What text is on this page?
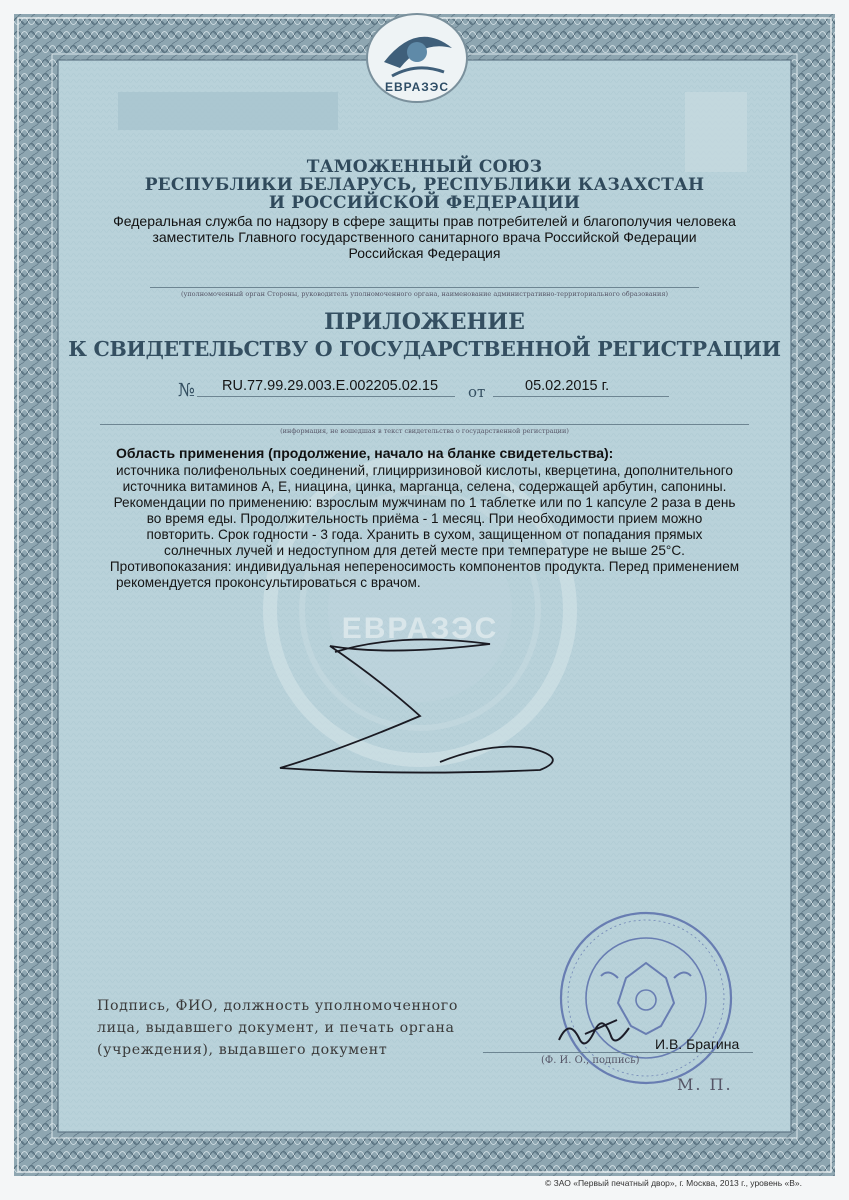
ЕВРАЗЭС
ТАМОЖЕННЫЙ СОЮЗ
РЕСПУБЛИКИ БЕЛАРУСЬ, РЕСПУБЛИКИ КАЗАХСТАН
И РОССИЙСКОЙ ФЕДЕРАЦИИ
Федеральная служба по надзору в сфере защиты прав потребителей и благополучия человека
заместитель Главного государственного санитарного врача Российской Федерации
Российская Федерация
(уполномоченный орган Стороны, руководитель уполномоченного органа, наименование административно-территориального образования)
ПРИЛОЖЕНИЕ
К СВИДЕТЕЛЬСТВУ О ГОСУДАРСТВЕННОЙ РЕГИСТРАЦИИ
№ RU.77.99.29.003.E.002205.02.15 от	05.02.2015 г.
(информация, не вошедшая в текст свидетельства о государственной регистрации)
ЕВРАЗЭС
Область применения (продолжение, начало на бланке свидетельства):
источника полифенольных соединений, глицирризиновой кислоты, кверцетина, дополнительного
источника витаминов А, Е, ниацина, цинка, марганца, селена, содержащей арбутин, сапонины.
Рекомендации по применению: взрослым мужчинам по 1 таблетке или по 1 капсуле 2 раза в день
во время еды. Продолжительность приёма - 1 месяц. При необходимости прием можно
повторить. Срок годности - 3 года. Хранить в сухом, защищенном от попадания прямых
солнечных лучей и недоступном для детей месте при температуре не выше 25°C.
Противопоказания: индивидуальная непереносимость компонентов продукта. Перед применением
рекомендуется проконсультироваться с врачом.
Подпись, ФИО, должность уполномоченного
лица, выдавшего документ, и печать органа
(учреждения), выдавшего документ	И.В. Брагина
(Ф. И. О., подпись)
М. П.
© ЗАО «Первый печатный двор», г. Москва, 2013 г., уровень «В».
